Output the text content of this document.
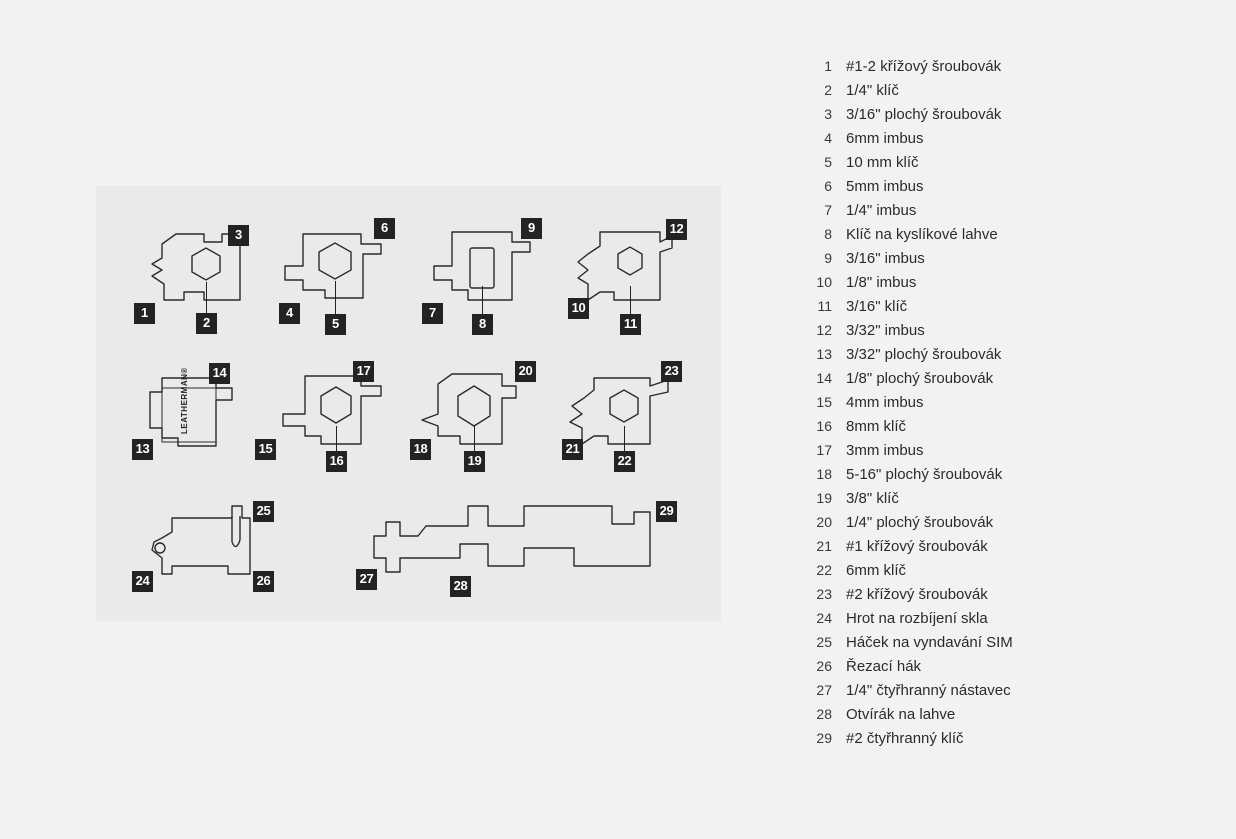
3
1
2
6
4
5
9
7
8
12
10
11
LEATHERMAN® 14
13
17
15
16
20
18
19
23
21
22
25
24	26
29
27	28
1 #1-2 křížový šroubovák
2 1/4" klíč
3 3/16" plochý šroubovák
4 6mm imbus
5 10 mm klíč
6 5mm imbus
7 1/4" imbus
8 Klíč na kyslíkové lahve
9 3/16" imbus
10 1/8" imbus
11 3/16" klíč
12 3/32" imbus
13 3/32" plochý šroubovák
14 1/8" plochý šroubovák
15 4mm imbus
16 8mm klíč
17 3mm imbus
18 5-16" plochý šroubovák
19 3/8" klíč
20 1/4" plochý šroubovák
21 #1 křížový šroubovák
22 6mm klíč
23 #2 křížový šroubovák
24 Hrot na rozbíjení skla
25 Háček na vyndavání SIM
26 Řezací hák
27 1/4" čtyřhranný nástavec
28 Otvírák na lahve
29 #2 čtyřhranný klíč
